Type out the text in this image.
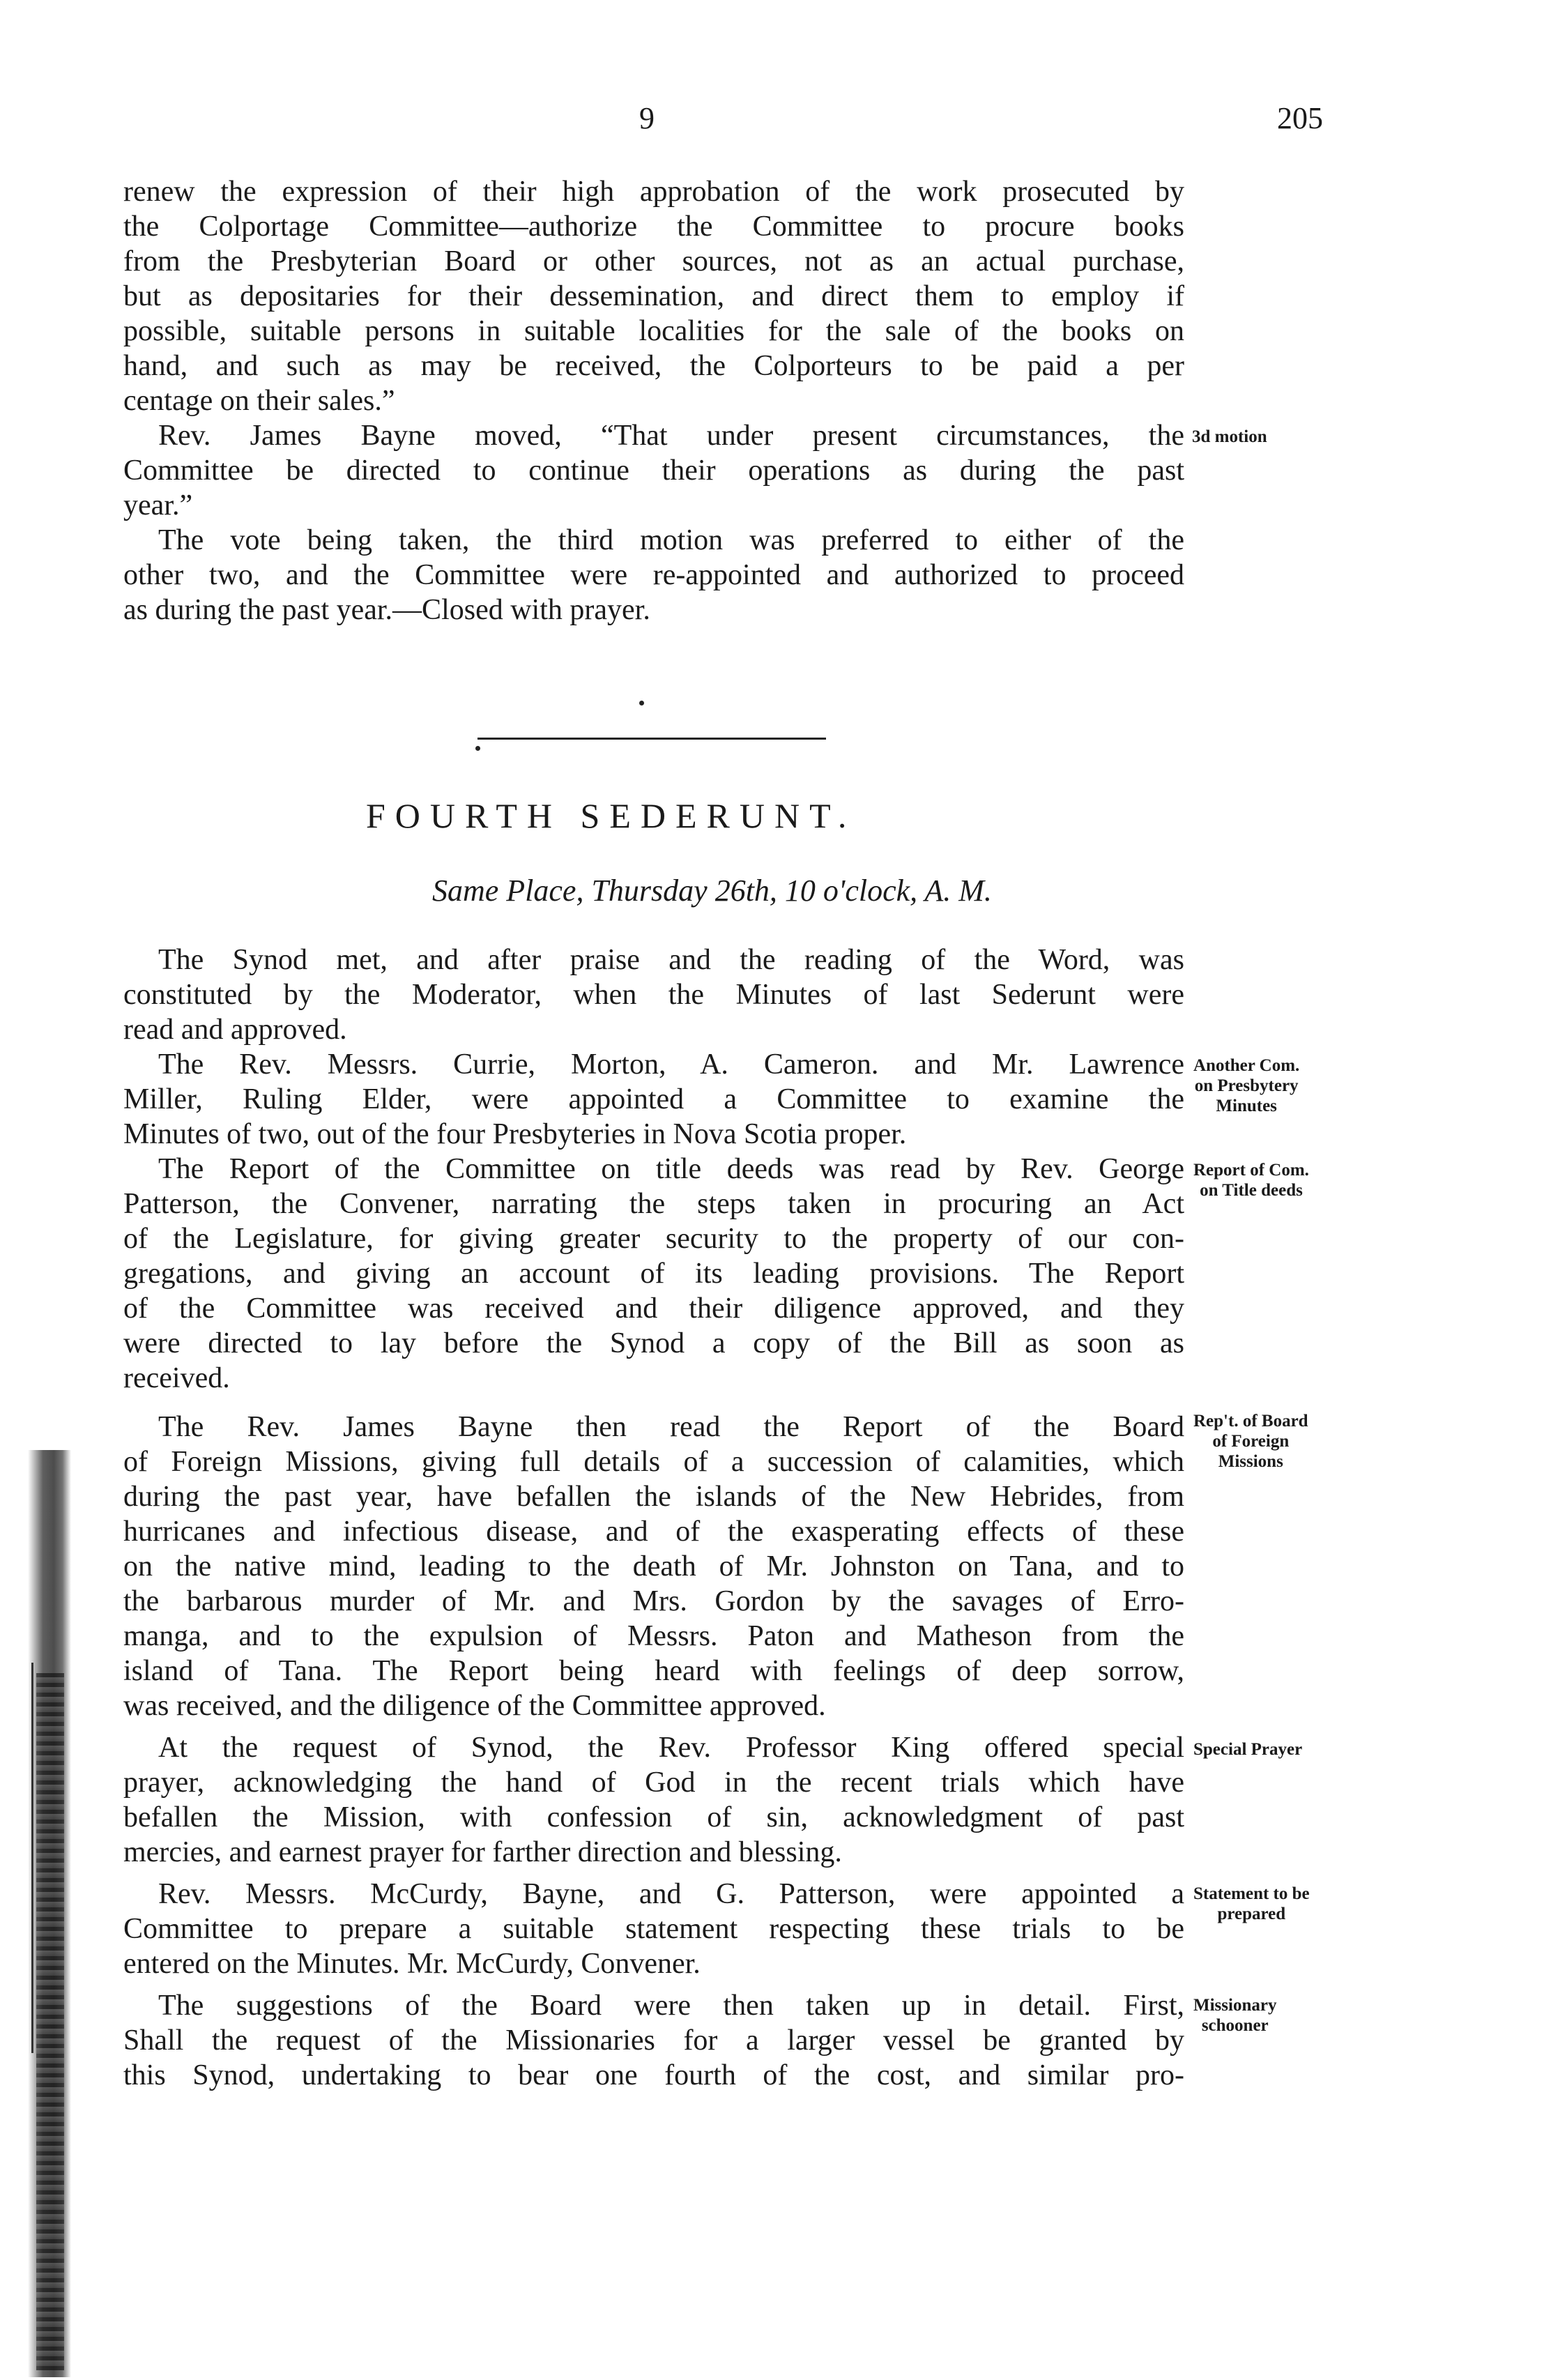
9	205
renew the expression of their high approbation of the work prosecuted by
the Colportage Committee—authorize the Committee to procure books
from the Presbyterian Board or other sources, not as an actual purchase,
but as depositaries for their dessemination, and direct them to employ if
possible, suitable persons in suitable localities for the sale of the books on
hand, and such as may be received, the Colporteurs to be paid a per
centage on their sales.”
Rev. James Bayne moved, “That under present circumstances, the
Committee be directed to continue their operations as during the past
year.”
The vote being taken, the third motion was preferred to either of the
other two, and the Committee were re-appointed and authorized to proceed
as during the past year.—Closed with prayer.
FOURTH SEDERUNT.
Same Place, Thursday 26th, 10 o'clock, A. M.
The Synod met, and after praise and the reading of the Word, was
constituted by the Moderator, when the Minutes of last Sederunt were
read and approved.
The Rev. Messrs. Currie, Morton, A. Cameron. and Mr. Lawrence
Miller, Ruling Elder, were appointed a Committee to examine the
Minutes of two, out of the four Presbyteries in Nova Scotia proper.
The Report of the Committee on title deeds was read by Rev. George
Patterson, the Convener, narrating the steps taken in procuring an Act
of the Legislature, for giving greater security to the property of our con-
gregations, and giving an account of its leading provisions. The Report
of the Committee was received and their diligence approved, and they
were directed to lay before the Synod a copy of the Bill as soon as
received.
The Rev. James Bayne then read the Report of the Board
of Foreign Missions, giving full details of a succession of calamities, which
during the past year, have befallen the islands of the New Hebrides, from
hurricanes and infectious disease, and of the exasperating effects of these
on the native mind, leading to the death of Mr. Johnston on Tana, and to
the barbarous murder of Mr. and Mrs. Gordon by the savages of Erro-
manga, and to the expulsion of Messrs. Paton and Matheson from the
island of Tana. The Report being heard with feelings of deep sorrow,
was received, and the diligence of the Committee approved.
At the request of Synod, the Rev. Professor King offered special
prayer, acknowledging the hand of God in the recent trials which have
befallen the Mission, with confession of sin, acknowledgment of past
mercies, and earnest prayer for farther direction and blessing.
Rev. Messrs. McCurdy, Bayne, and G. Patterson, were appointed a
Committee to prepare a suitable statement respecting these trials to be
entered on the Minutes. Mr. McCurdy, Convener.
The suggestions of the Board were then taken up in detail. First,
Shall the request of the Missionaries for a larger vessel be granted by
this Synod, undertaking to bear one fourth of the cost, and similar pro-
3d motion
Another Com.
on Presbytery
Minutes
Report of Com.
on Title deeds
Rep't. of Board
of Foreign
Missions
Special Prayer
Statement to be
prepared
Missionary
schooner
